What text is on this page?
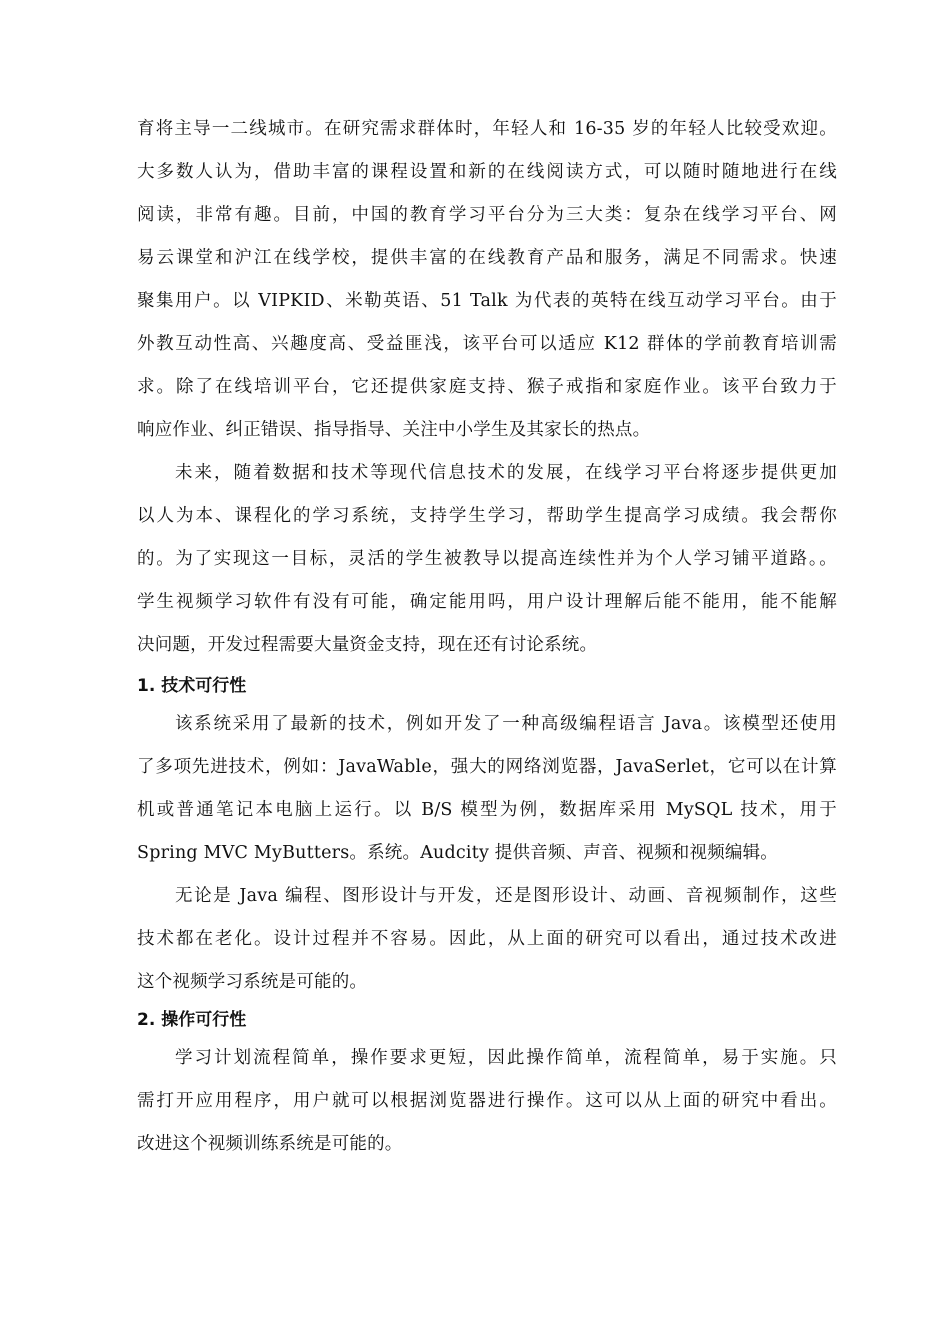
育将主导一二线城市。在研究需求群体时，年轻人和 16-35 岁的年轻人比较受欢迎。
大多数人认为，借助丰富的课程设置和新的在线阅读方式，可以随时随地进行在线
阅读，非常有趣。目前，中国的教育学习平台分为三大类：复杂在线学习平台、网
易云课堂和沪江在线学校，提供丰富的在线教育产品和服务，满足不同需求。快速
聚集用户。以 VIPKID、米勒英语、51 Talk 为代表的英特在线互动学习平台。由于
外教互动性高、兴趣度高、受益匪浅，该平台可以适应 K12 群体的学前教育培训需
求。除了在线培训平台，它还提供家庭支持、猴子戒指和家庭作业。该平台致力于
响应作业、纠正错误、指导指导、关注中小学生及其家长的热点。
未来，随着数据和技术等现代信息技术的发展，在线学习平台将逐步提供更加
以人为本、课程化的学习系统，支持学生学习，帮助学生提高学习成绩。我会帮你
的。为了实现这一目标，灵活的学生被教导以提高连续性并为个人学习铺平道路。。
学生视频学习软件有没有可能，确定能用吗，用户设计理解后能不能用，能不能解
决问题，开发过程需要大量资金支持，现在还有讨论系统。
1. 技术可行性
该系统采用了最新的技术，例如开发了一种高级编程语言 Java。该模型还使用
了多项先进技术，例如：JavaWable，强大的网络浏览器，JavaSerlet，它可以在计算
机或普通笔记本电脑上运行。以 B/S 模型为例，数据库采用 MySQL 技术，用于
Spring MVC MyButters。系统。Audcity 提供音频、声音、视频和视频编辑。
无论是 Java 编程、图形设计与开发，还是图形设计、动画、音视频制作，这些
技术都在老化。设计过程并不容易。因此，从上面的研究可以看出，通过技术改进
这个视频学习系统是可能的。
2. 操作可行性
学习计划流程简单，操作要求更短，因此操作简单，流程简单，易于实施。只
需打开应用程序，用户就可以根据浏览器进行操作。这可以从上面的研究中看出。
改进这个视频训练系统是可能的。
